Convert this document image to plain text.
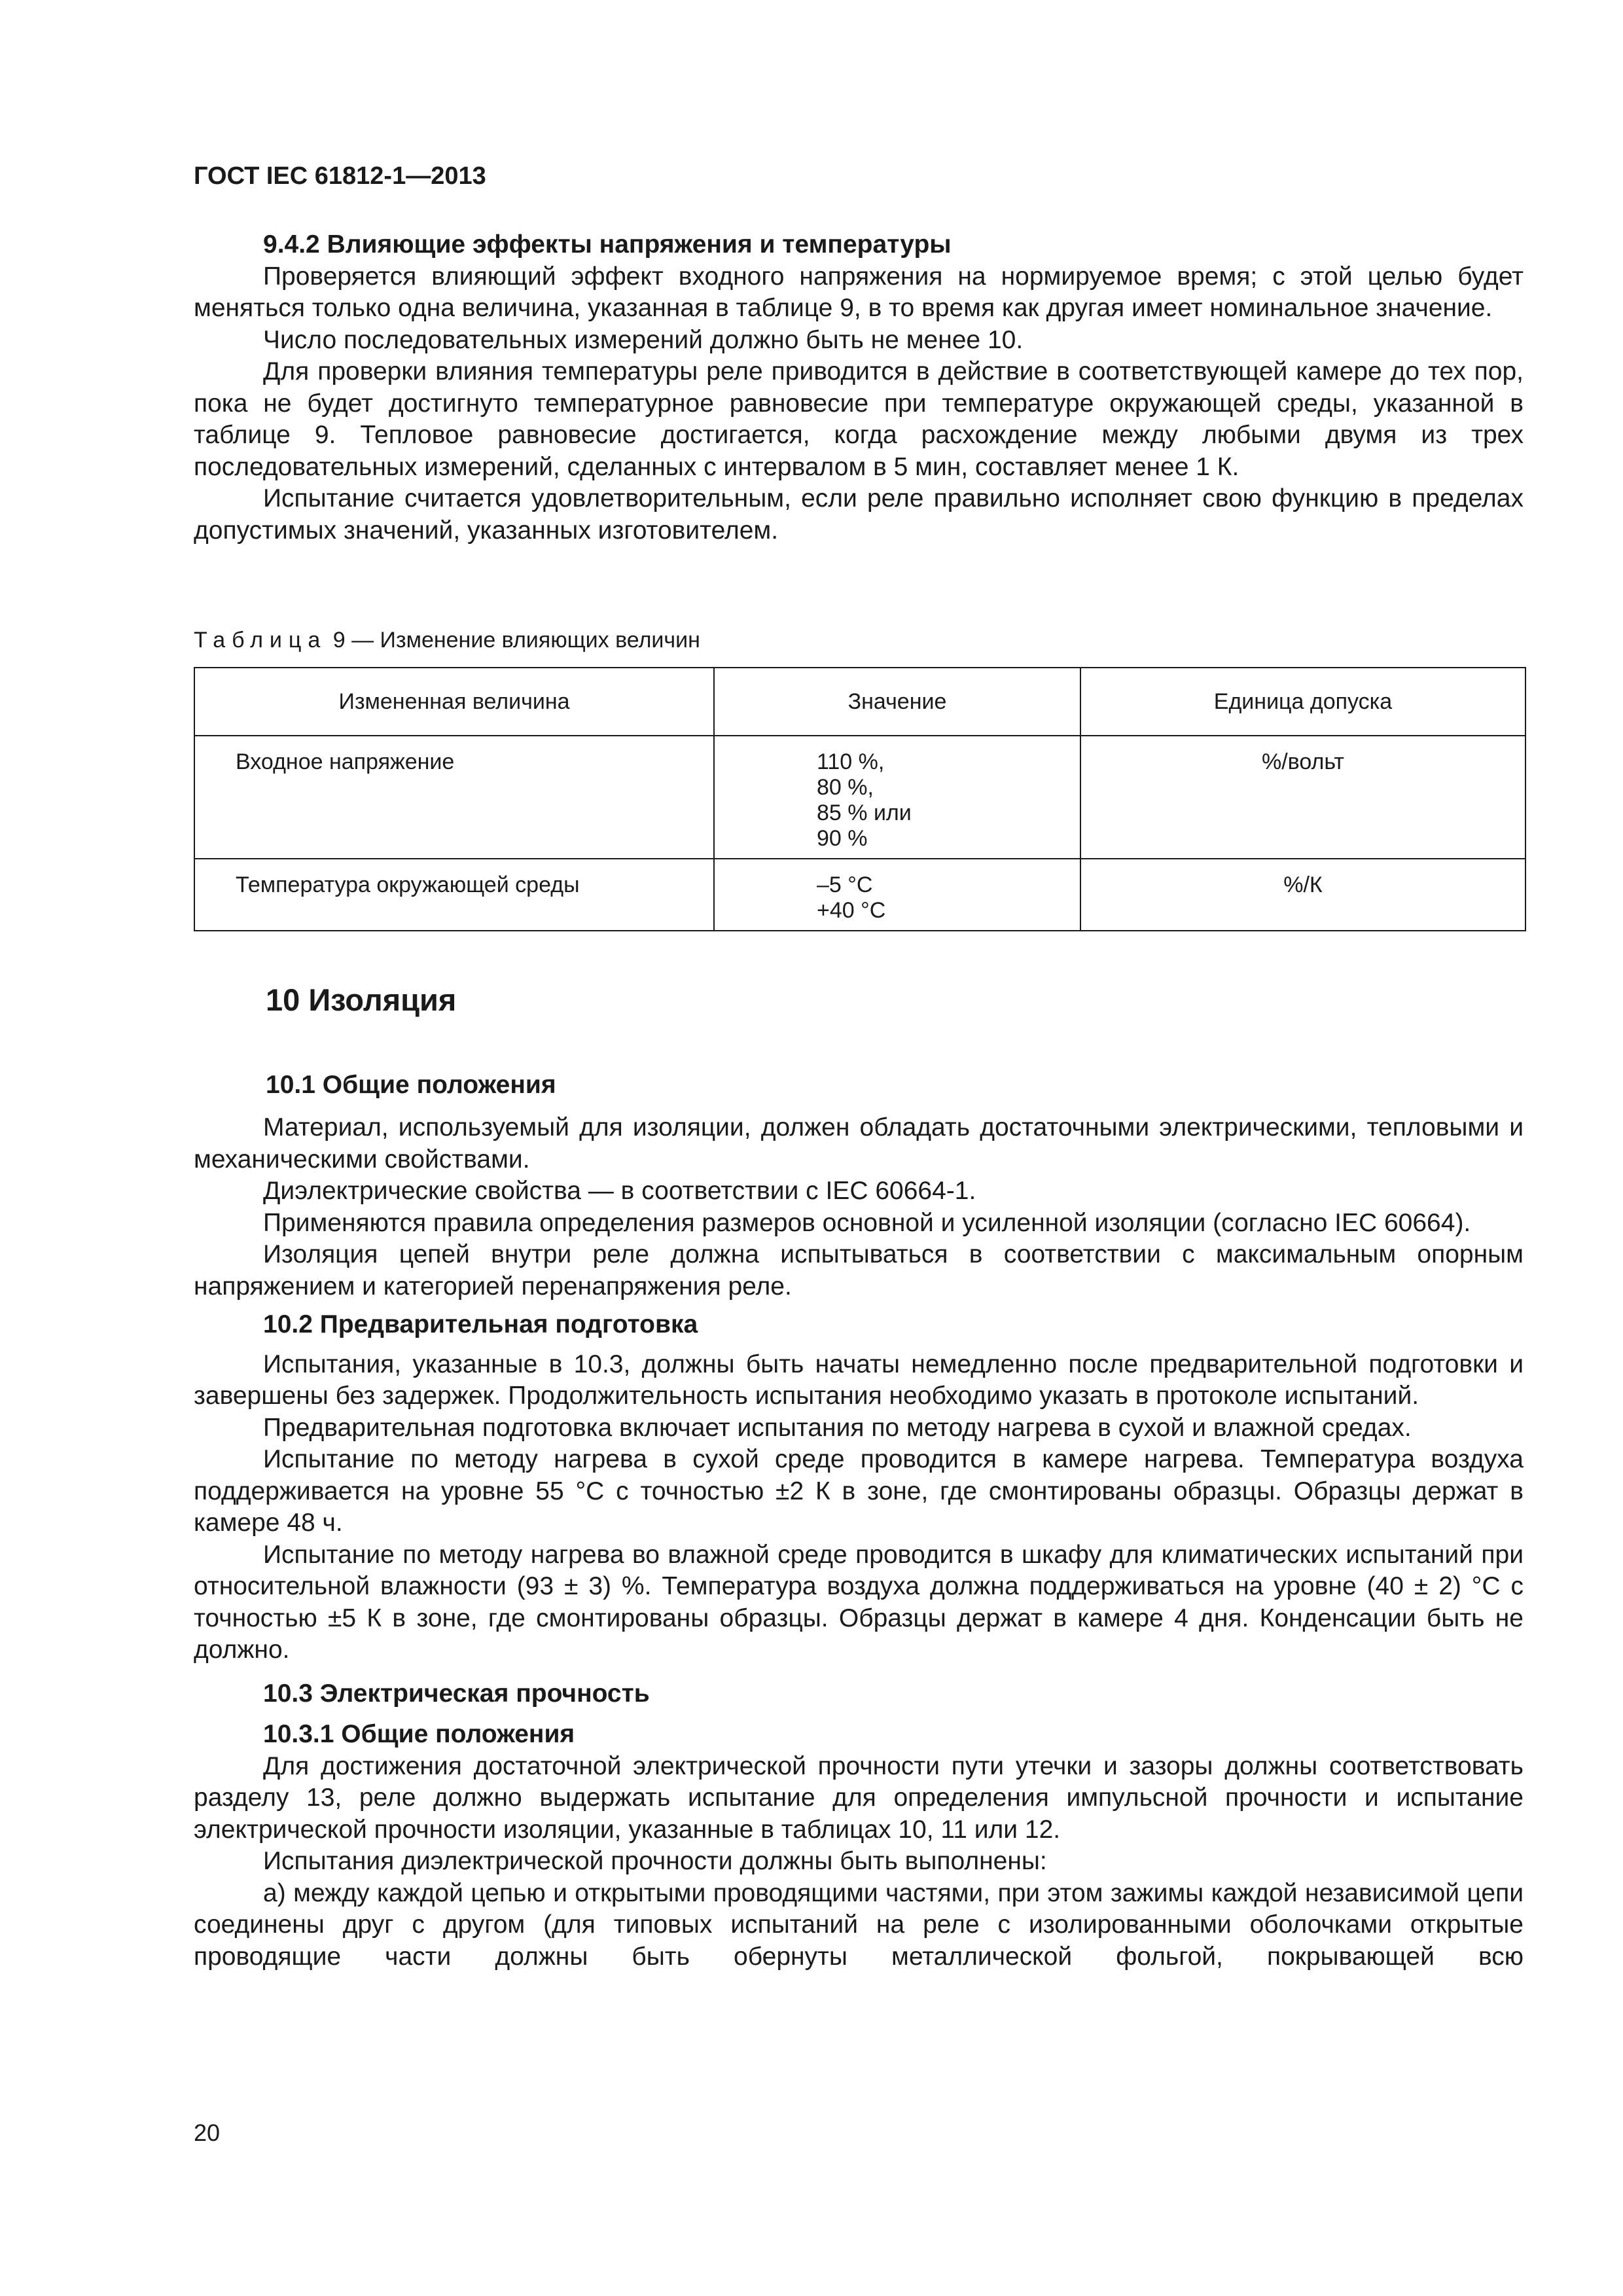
ГОСТ IEC 61812-1—2013
9.4.2 Влияющие эффекты напряжения и температуры

Проверяется влияющий эффект входного напряжения на нормируемое время; с этой целью будет меняться только одна величина, указанная в таблице 9, в то время как другая имеет номинальное значение.

Число последовательных измерений должно быть не менее 10.

Для проверки влияния температуры реле приводится в действие в соответствующей камере до тех пор, пока не будет достигнуто температурное равновесие при температуре окружающей среды, указанной в таблице 9. Тепловое равновесие достигается, когда расхождение между любыми двумя из трех последовательных измерений, сделанных с интервалом в 5 мин, составляет менее 1 К.

Испытание считается удовлетворительным, если реле правильно исполняет свою функцию в пределах допустимых значений, указанных изготовителем.

Таблица 9 — Изменение влияющих величин
Измененная величина	Значение	Единица допуска
Входное напряжение	110 %,
80 %,
85 % или
90 %	%/вольт
Температура окружающей среды	–5 °C
+40 °C	%/К
10 Изоляция
10.1 Общие положения

Материал, используемый для изоляции, должен обладать достаточными электрическими, тепловыми и механическими свойствами.

Диэлектрические свойства — в соответствии с IEC 60664-1.

Применяются правила определения размеров основной и усиленной изоляции (согласно IEC 60664).

Изоляция цепей внутри реле должна испытываться в соответствии с максимальным опорным напряжением и категорией перенапряжения реле.

10.2 Предварительная подготовка

Испытания, указанные в 10.3, должны быть начаты немедленно после предварительной подготовки и завершены без задержек. Продолжительность испытания необходимо указать в протоколе испытаний.

Предварительная подготовка включает испытания по методу нагрева в сухой и влажной средах.

Испытание по методу нагрева в сухой среде проводится в камере нагрева. Температура воздуха поддерживается на уровне 55 °С с точностью ±2 К в зоне, где смонтированы образцы. Образцы держат в камере 48 ч.

Испытание по методу нагрева во влажной среде проводится в шкафу для климатических испытаний при относительной влажности (93 ± 3) %. Температура воздуха должна поддерживаться на уровне (40 ± 2) °С с точностью ±5 К в зоне, где смонтированы образцы. Образцы держат в камере 4 дня. Конденсации быть не должно.

10.3 Электрическая прочность
10.3.1 Общие положения

Для достижения достаточной электрической прочности пути утечки и зазоры должны соответствовать разделу 13, реле должно выдержать испытание для определения импульсной прочности и испытание электрической прочности изоляции, указанные в таблицах 10, 11 или 12.

Испытания диэлектрической прочности должны быть выполнены:

а) между каждой цепью и открытыми проводящими частями, при этом зажимы каждой независимой цепи соединены друг с другом (для типовых испытаний на реле с изолированными оболочками открытые проводящие части должны быть обернуты металлической фольгой, покрывающей всю

20
